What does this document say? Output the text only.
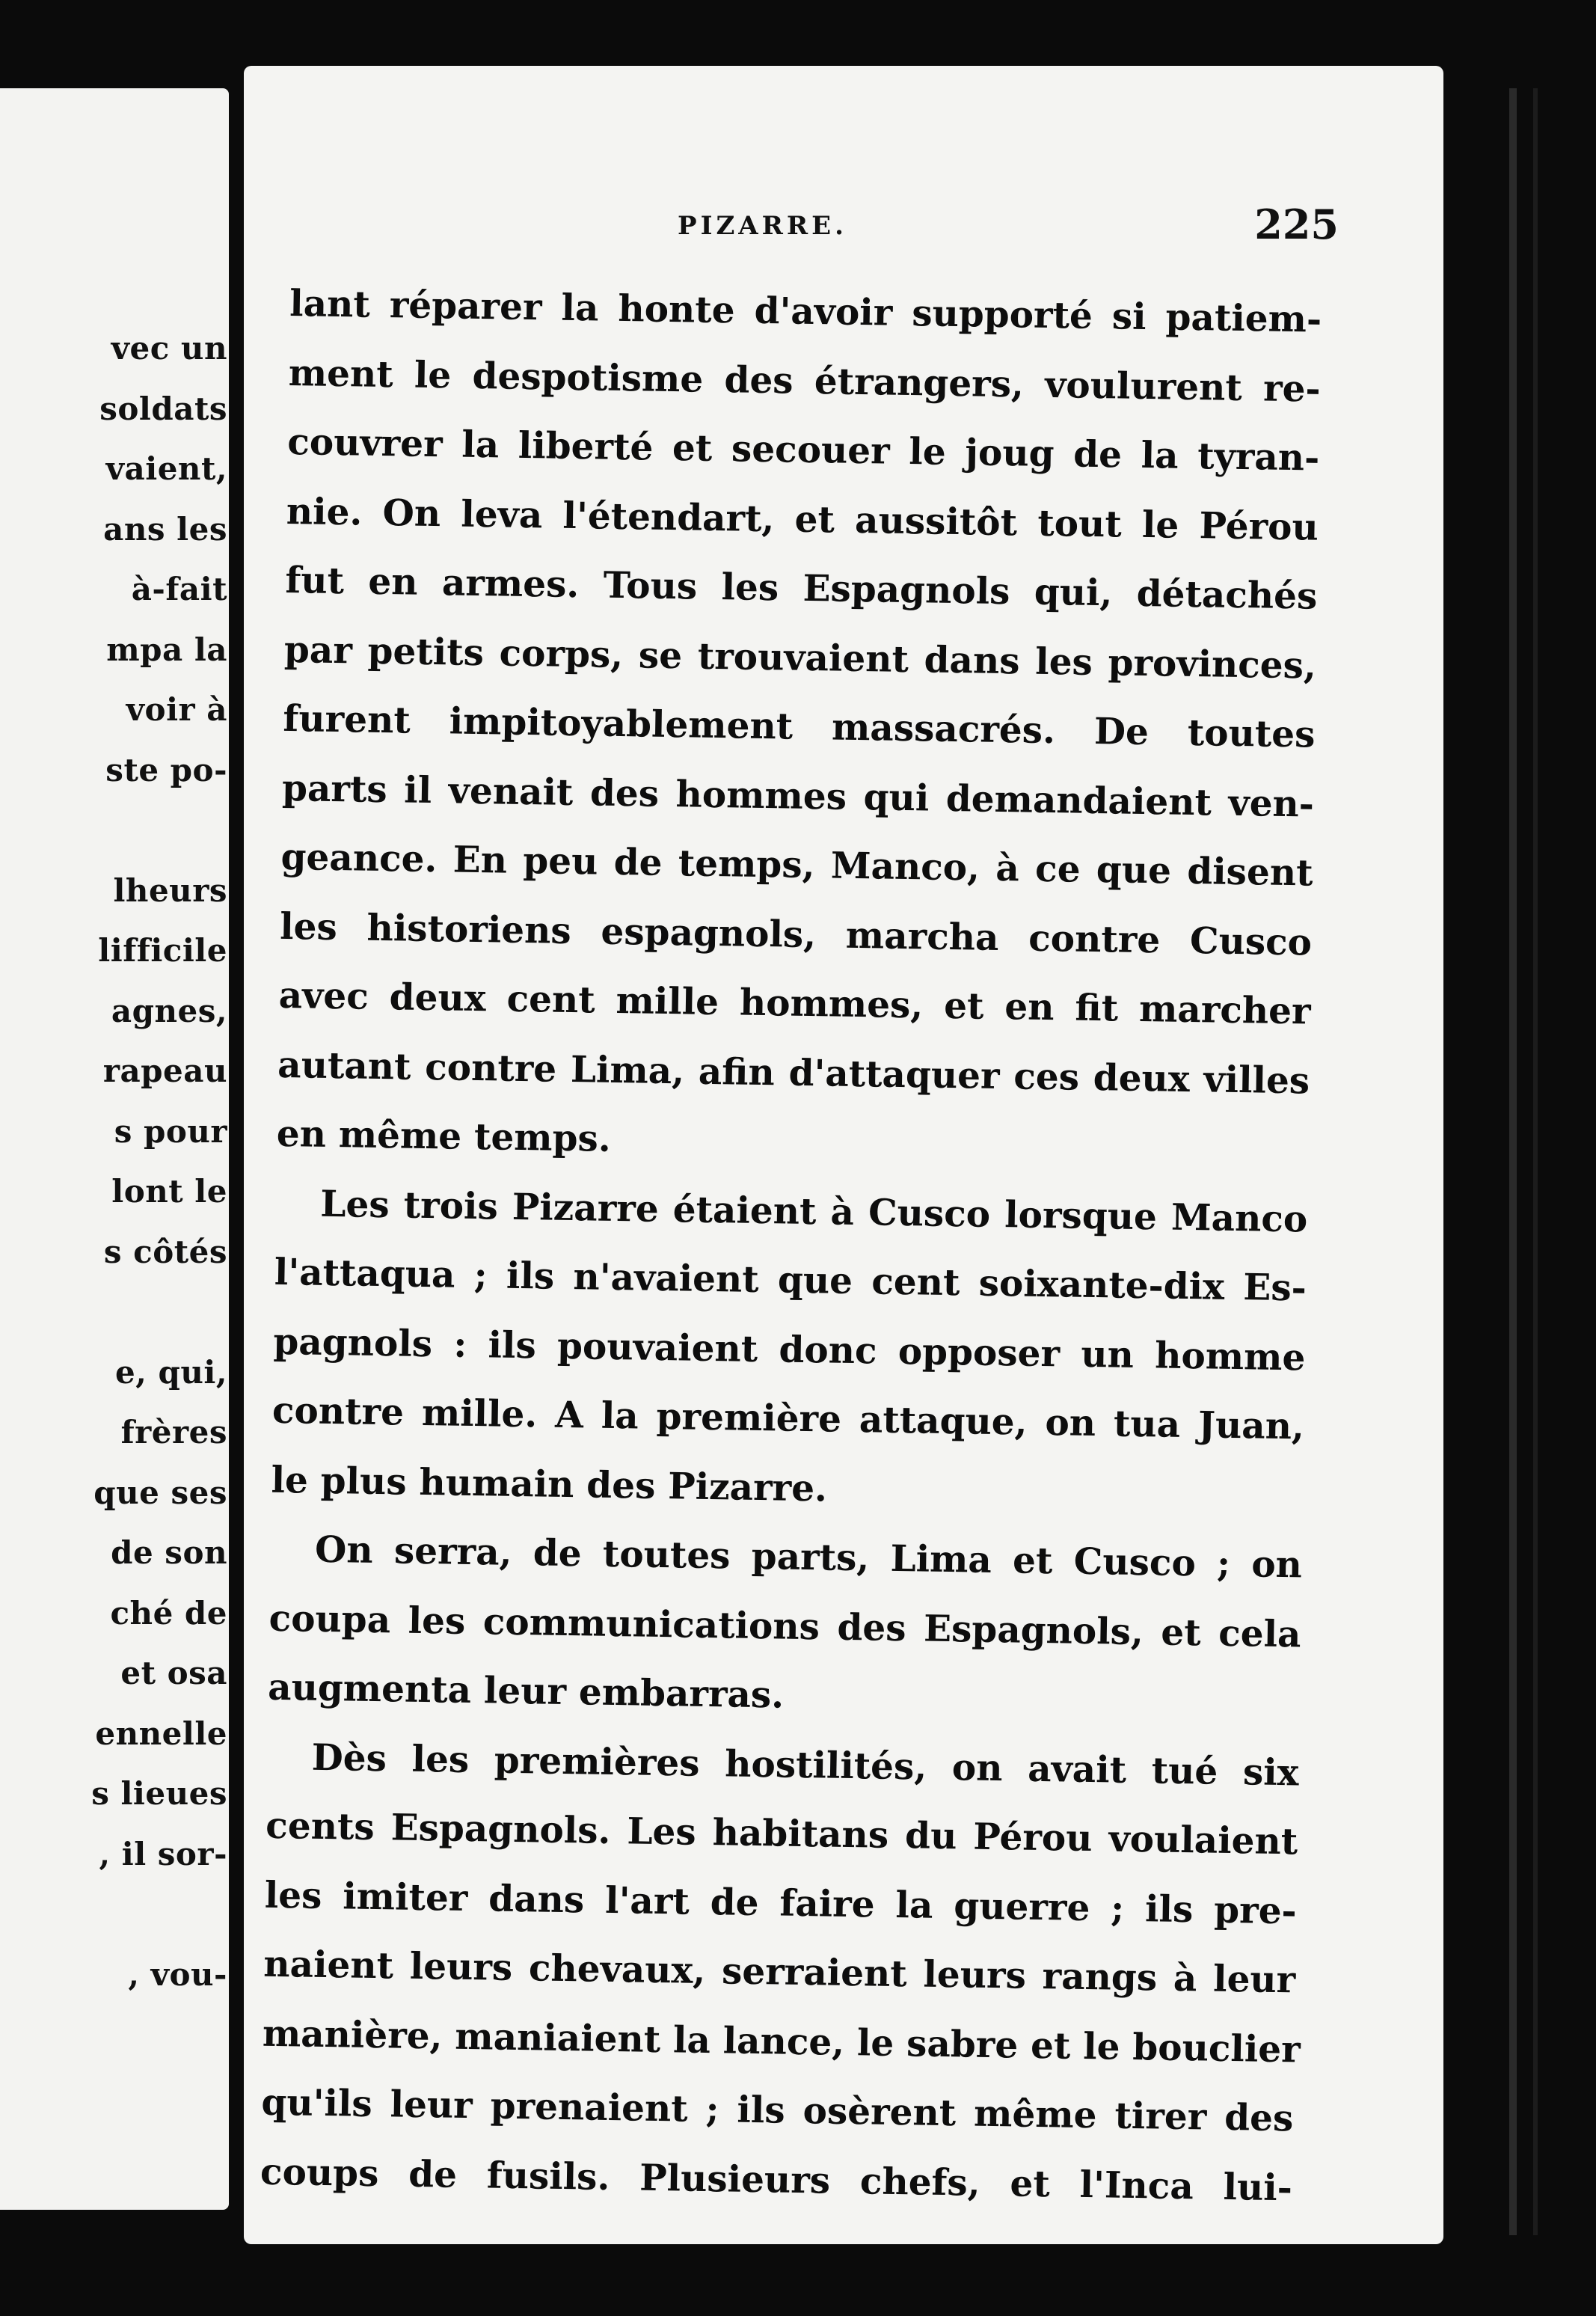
vec un
soldats
vaient,
ans les
à-fait
mpa la
voir à
ste po-
lheurs
lifficile
agnes,
rapeau
s pour
lont le
s côtés
e, qui,
frères
que ses
de son
ché de
et osa
ennelle
s lieues
, il sor-
, vou-
PIZARRE.	225
lant réparer la honte d'avoir supporté si patiem-
ment le despotisme des étrangers, voulurent re-
couvrer la liberté et secouer le joug de la tyran-
nie. On leva l'étendart, et aussitôt tout le Pérou
fut en armes. Tous les Espagnols qui, détachés
par petits corps, se trouvaient dans les provinces,
furent impitoyablement massacrés. De toutes
parts il venait des hommes qui demandaient ven-
geance. En peu de temps, Manco, à ce que disent
les historiens espagnols, marcha contre Cusco
avec deux cent mille hommes, et en fit marcher
autant contre Lima, afin d'attaquer ces deux villes
en même temps.
Les trois Pizarre étaient à Cusco lorsque Manco
l'attaqua ; ils n'avaient que cent soixante-dix Es-
pagnols : ils pouvaient donc opposer un homme
contre mille. A la première attaque, on tua Juan,
le plus humain des Pizarre.
On serra, de toutes parts, Lima et Cusco ; on
coupa les communications des Espagnols, et cela
augmenta leur embarras.
Dès les premières hostilités, on avait tué six
cents Espagnols. Les habitans du Pérou voulaient
les imiter dans l'art de faire la guerre ; ils pre-
naient leurs chevaux, serraient leurs rangs à leur
manière, maniaient la lance, le sabre et le bouclier
qu'ils leur prenaient ; ils osèrent même tirer des
coups de fusils. Plusieurs chefs, et l'Inca lui-
